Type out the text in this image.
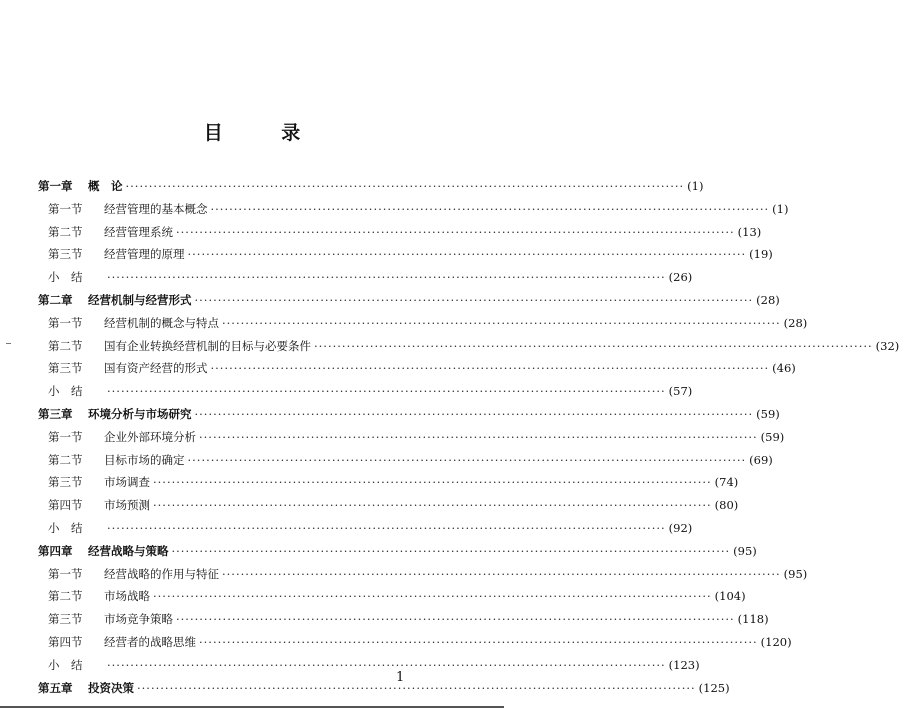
目 录
第一章	概　论 ························································································································ (1)
第一节	经营管理的基本概念 ························································································································ (1)
第二节	经营管理系统 ························································································································ (13)
第三节	经营管理的原理 ························································································································ (19)
小　结	························································································································ (26)
第二章	经营机制与经营形式 ························································································································ (28)
第一节	经营机制的概念与特点 ························································································································ (28)
第二节	国有企业转换经营机制的目标与必要条件 ························································································································ (32)
第三节	国有资产经营的形式 ························································································································ (46)
小　结	························································································································ (57)
第三章	环境分析与市场研究 ························································································································ (59)
第一节	企业外部环境分析 ························································································································ (59)
第二节	目标市场的确定 ························································································································ (69)
第三节	市场调查 ························································································································ (74)
第四节	市场预测 ························································································································ (80)
小　结	························································································································ (92)
第四章	经营战略与策略 ························································································································ (95)
第一节	经营战略的作用与特征 ························································································································ (95)
第二节	市场战略 ························································································································ (104)
第三节	市场竞争策略 ························································································································ (118)
第四节	经营者的战略思维 ························································································································ (120)
小　结	························································································································ (123)
第五章	投资决策 ························································································································ (125)
1
